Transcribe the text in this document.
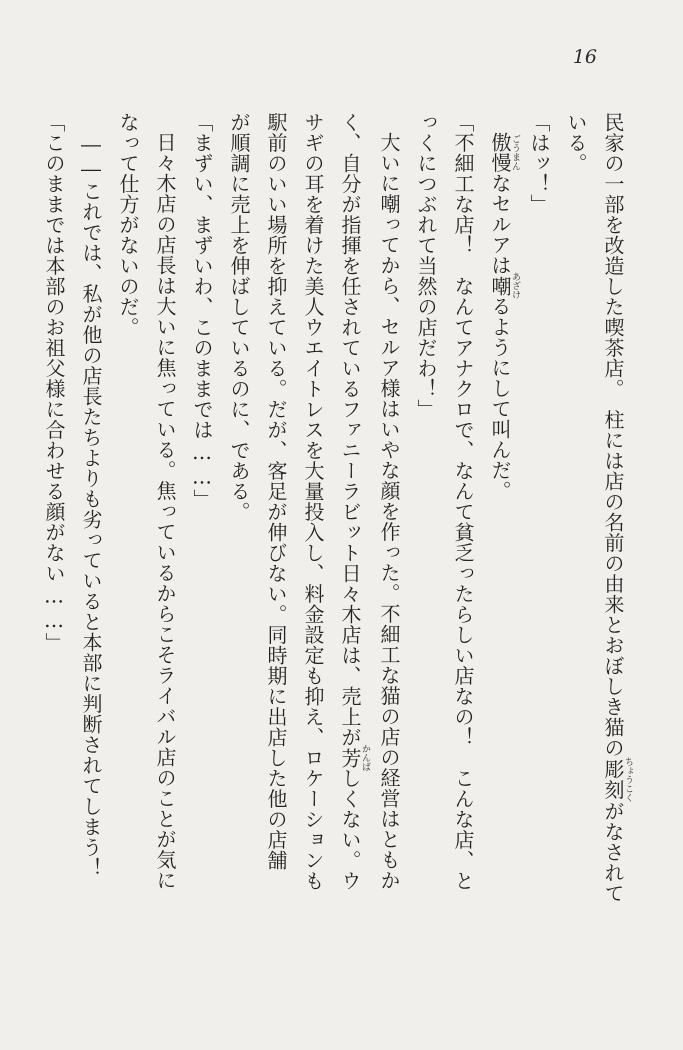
16
民家の一部を改造した喫茶店。　柱には店の名前の由来とおぼしき猫の彫刻ちょうこくがなされて
いる。
「はッ！」
傲慢ごうまんなセルアは嘲あざけるようにして叫んだ。
「不細工な店！　なんてアナクロで、なんて貧乏ったらしい店なの！　こんな店、と
っくにつぶれて当然の店だわ！」
大いに嘲ってから、セルア様はいやな顔を作った。不細工な猫の店の経営はともか
く、自分が指揮を任されているファニーラビット日々木店は、売上が芳かんばしくない。ウ
サギの耳を着けた美人ウエイトレスを大量投入し、料金設定も抑え、ロケーションも
駅前のいい場所を抑えている。だが、客足が伸びない。同時期に出店した他の店舗
が順調に売上を伸ばしているのに、である。
「まずい、まずいわ、このままでは……」
日々木店の店長は大いに焦っている。焦っているからこそライバル店のことが気に
なって仕方がないのだ。
――これでは、私が他の店長たちよりも劣っていると本部に判断されてしまう！
「このままでは本部のお祖父様に合わせる顔がない……」
